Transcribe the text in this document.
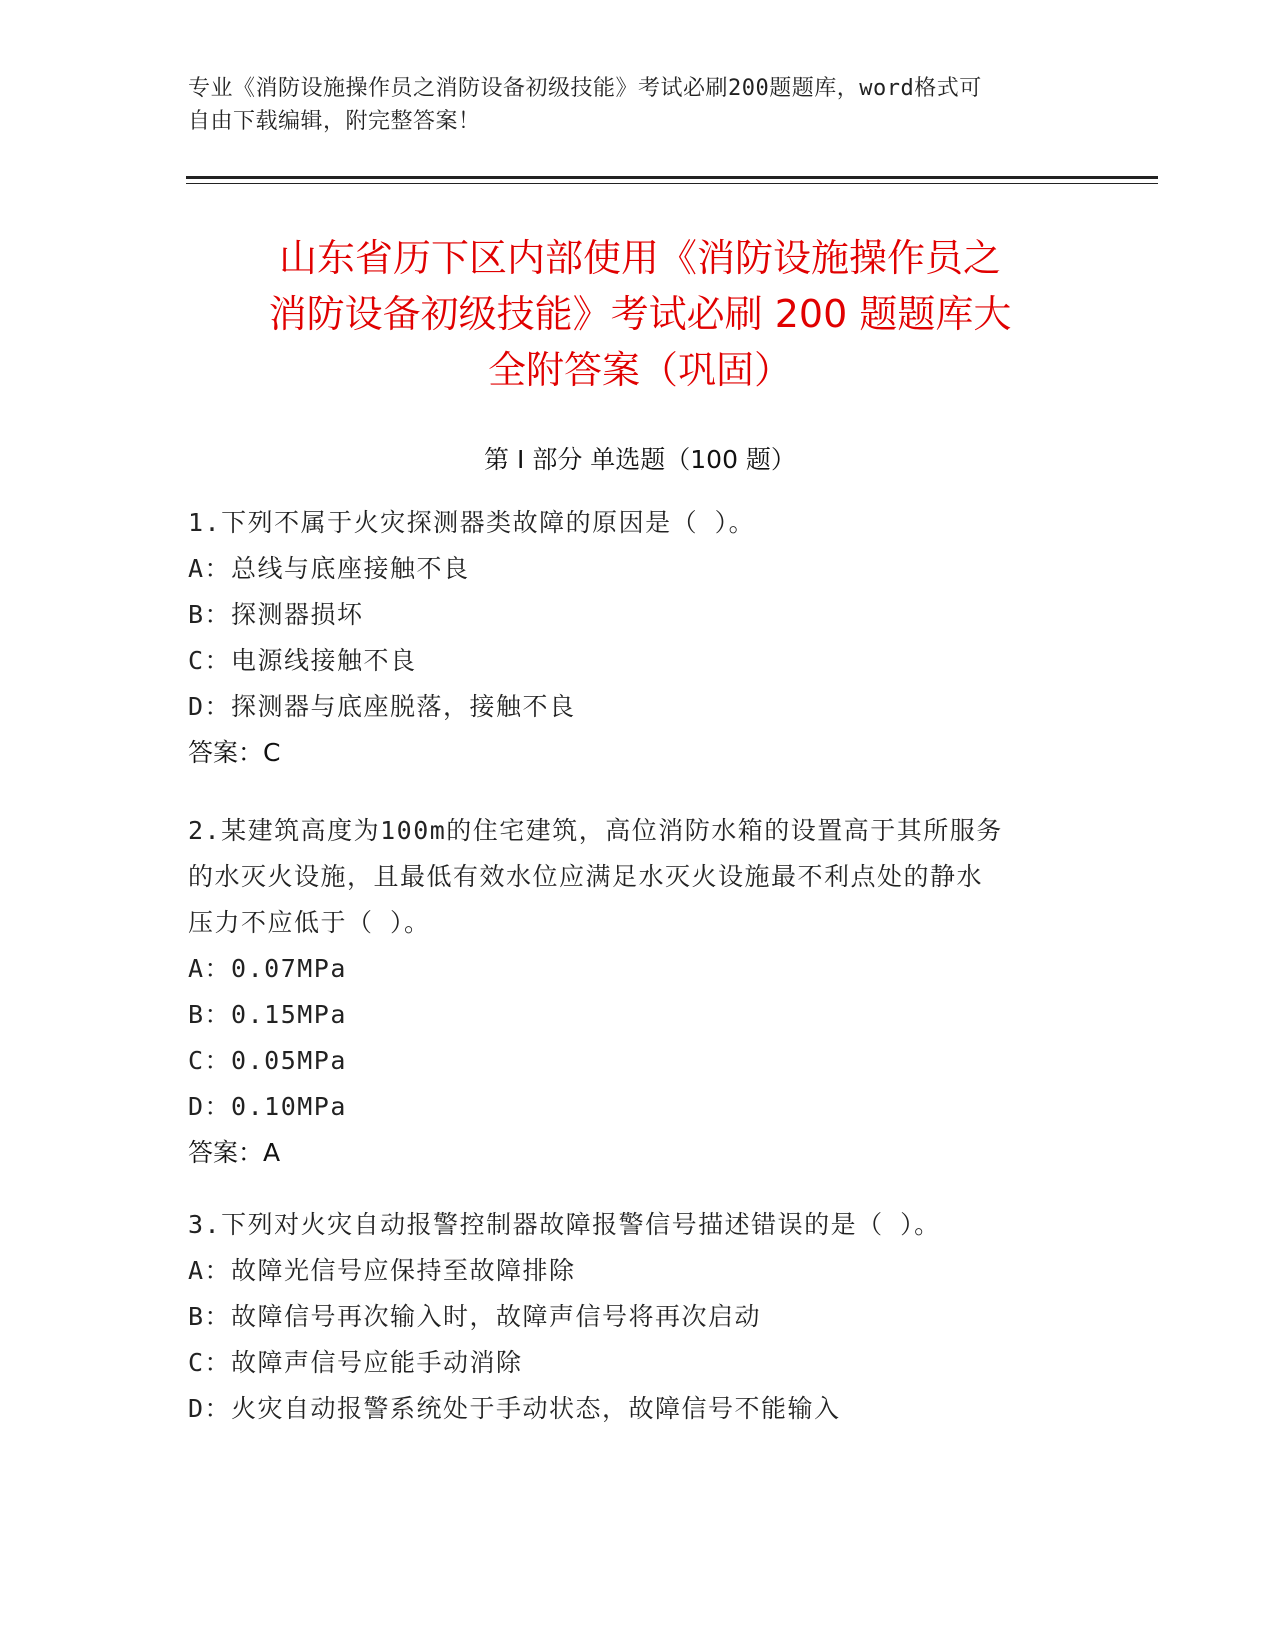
专业《消防设施操作员之消防设备初级技能》考试必刷200题题库，word格式可
自由下载编辑，附完整答案！
山东省历下区内部使用《消防设施操作员之
消防设备初级技能》考试必刷 200 题题库大
全附答案（巩固）
第 I 部分 单选题（100 题）
1.下列不属于火灾探测器类故障的原因是（ ）。
A：总线与底座接触不良
B：探测器损坏
C：电源线接触不良
D：探测器与底座脱落，接触不良
答案：C
2.某建筑高度为100m的住宅建筑，高位消防水箱的设置高于其所服务
的水灭火设施，且最低有效水位应满足水灭火设施最不利点处的静水
压力不应低于（ ）。
A：0.07MPa
B：0.15MPa
C：0.05MPa
D：0.10MPa
答案：A
3.下列对火灾自动报警控制器故障报警信号描述错误的是（ ）。
A：故障光信号应保持至故障排除
B：故障信号再次输入时，故障声信号将再次启动
C：故障声信号应能手动消除
D：火灾自动报警系统处于手动状态，故障信号不能输入
